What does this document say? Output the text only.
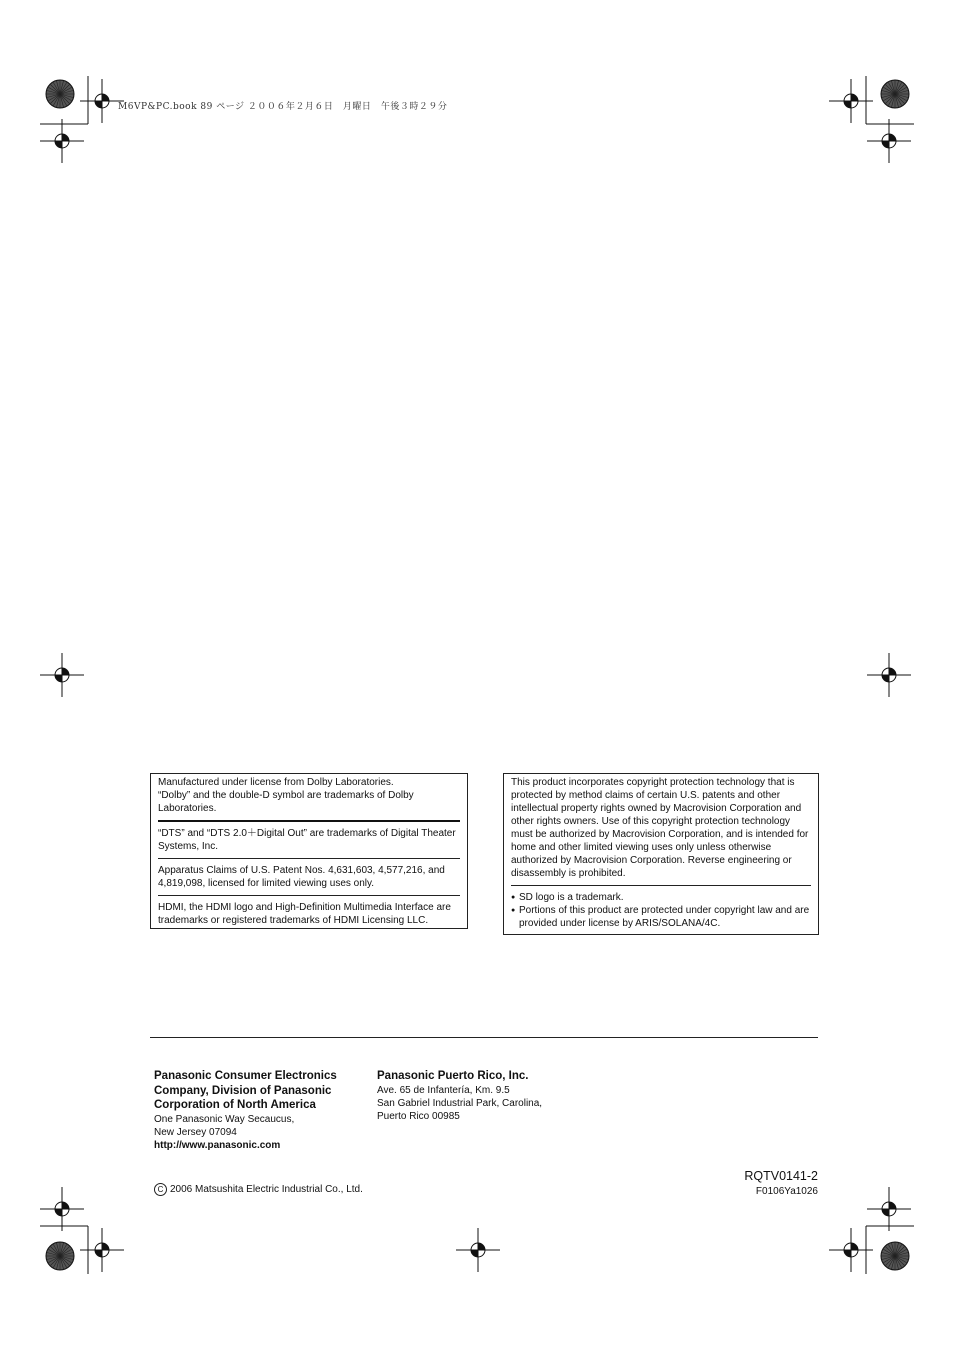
M6VP&PC.book 89 ページ ２００６年２月６日　月曜日　午後３時２９分

Manufactured under license from Dolby Laboratories.
“Dolby” and the double-D symbol are trademarks of Dolby Laboratories.

“DTS” and “DTS 2.0＋Digital Out” are trademarks of Digital Theater Systems, Inc.

Apparatus Claims of U.S. Patent Nos. 4,631,603, 4,577,216, and 4,819,098, licensed for limited viewing uses only.

HDMI, the HDMI logo and High-Definition Multimedia Interface are trademarks or registered trademarks of HDMI Licensing LLC.

This product incorporates copyright protection technology that is protected by method claims of certain U.S. patents and other intellectual property rights owned by Macrovision Corporation and other rights owners. Use of this copyright protection technology must be authorized by Macrovision Corporation, and is intended for home and other limited viewing uses only unless otherwise authorized by Macrovision Corporation. Reverse engineering or disassembly is prohibited.

● SD logo is a trademark.
● Portions of this product are protected under copyright law and are provided under license by ARIS/SOLANA/4C.
Panasonic Consumer Electronics
Company, Division of Panasonic
Corporation of North America
One Panasonic Way Secaucus,
New Jersey 07094
http://www.panasonic.com
Panasonic Puerto Rico, Inc.
Ave. 65 de Infantería, Km. 9.5
San Gabriel Industrial Park, Carolina,
Puerto Rico 00985
C 2006 Matsushita Electric Industrial Co., Ltd.
RQTV0141-2
F0106Ya1026
